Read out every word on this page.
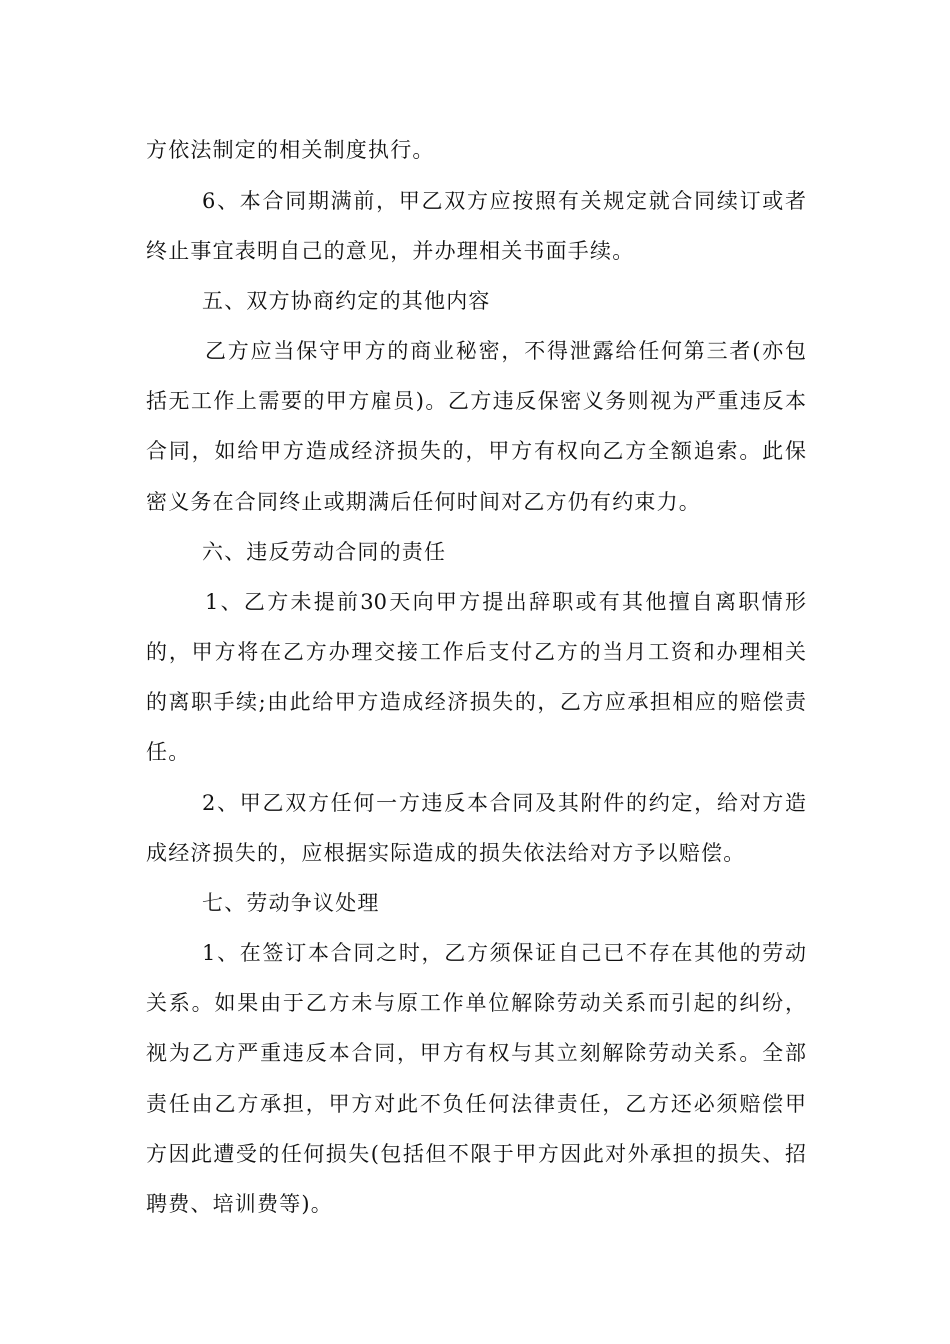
方依法制定的相关制度执行。
6、本合同期满前，甲乙双方应按照有关规定就合同续订或者
终止事宜表明自己的意见，并办理相关书面手续。
五、双方协商约定的其他内容
乙方应当保守甲方的商业秘密，不得泄露给任何第三者(亦包
括无工作上需要的甲方雇员)。乙方违反保密义务则视为严重违反本
合同，如给甲方造成经济损失的，甲方有权向乙方全额追索。此保
密义务在合同终止或期满后任何时间对乙方仍有约束力。
六、违反劳动合同的责任
1、乙方未提前30天向甲方提出辞职或有其他擅自离职情形
的，甲方将在乙方办理交接工作后支付乙方的当月工资和办理相关
的离职手续;由此给甲方造成经济损失的，乙方应承担相应的赔偿责
任。
2、甲乙双方任何一方违反本合同及其附件的约定，给对方造
成经济损失的，应根据实际造成的损失依法给对方予以赔偿。
七、劳动争议处理
1、在签订本合同之时，乙方须保证自己已不存在其他的劳动
关系。如果由于乙方未与原工作单位解除劳动关系而引起的纠纷，
视为乙方严重违反本合同，甲方有权与其立刻解除劳动关系。全部
责任由乙方承担，甲方对此不负任何法律责任，乙方还必须赔偿甲
方因此遭受的任何损失(包括但不限于甲方因此对外承担的损失、招
聘费、培训费等)。
